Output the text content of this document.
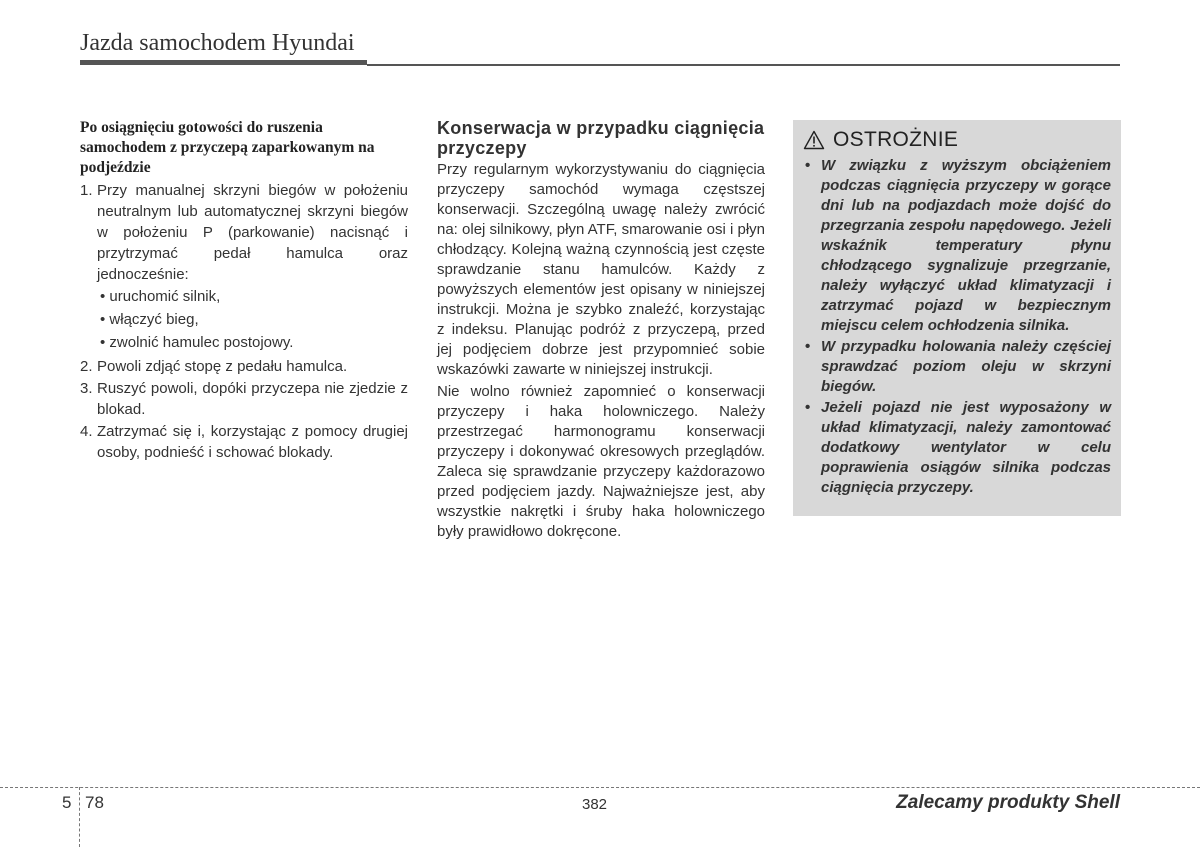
Jazda samochodem Hyundai
Po osiągnięciu gotowości do ruszenia samochodem z przyczepą zaparkowanym na podjeździe
1. Przy manualnej skrzyni biegów w położeniu neutralnym lub automatycznej skrzyni biegów w położeniu P (parkowanie) nacisnąć i przytrzymać pedał hamulca oraz jednocześnie:
• uruchomić silnik,
• włączyć bieg,
• zwolnić hamulec postojowy.
2. Powoli zdjąć stopę z pedału hamulca.
3. Ruszyć powoli, dopóki przyczepa nie zjedzie z blokad.
4. Zatrzymać się i, korzystając z pomocy drugiej osoby, podnieść i schować blokady.
Konserwacja w przypadku ciągnięcia przyczepy

Przy regularnym wykorzystywaniu do ciągnięcia przyczepy samochód wymaga częstszej konserwacji. Szczególną uwagę należy zwrócić na: olej silnikowy, płyn ATF, smarowanie osi i płyn chłodzący. Kolejną ważną czynnością jest częste sprawdzanie stanu hamulców. Każdy z powyższych elementów jest opisany w niniejszej instrukcji. Można je szybko znaleźć, korzystając z indeksu. Planując podróż z przyczepą, przed jej podjęciem dobrze jest przypomnieć sobie wskazówki zawarte w niniejszej instrukcji.

Nie wolno również zapomnieć o konserwacji przyczepy i haka holowniczego. Należy przestrzegać harmonogramu konserwacji przyczepy i dokonywać okresowych przeglądów. Zaleca się sprawdzanie przyczepy każdorazowo przed podjęciem jazdy. Najważniejsze jest, aby wszystkie nakrętki i śruby haka holowniczego były prawidłowo dokręcone.

OSTROŻNIE
• W związku z wyższym obciążeniem podczas ciągnięcia przyczepy w gorące dni lub na podjazdach może dojść do przegrzania zespołu napędowego. Jeżeli wskaźnik temperatury płynu chłodzącego sygnalizuje przegrzanie, należy wyłączyć układ klimatyzacji i zatrzymać pojazd w bezpiecznym miejscu celem ochłodzenia silnika.
• W przypadku holowania należy częściej sprawdzać poziom oleju w skrzyni biegów.
• Jeżeli pojazd nie jest wyposażony w układ klimatyzacji, należy zamontować dodatkowy wentylator w celu poprawienia osiągów silnika podczas ciągnięcia przyczepy.
5 78	382	Zalecamy produkty Shell
